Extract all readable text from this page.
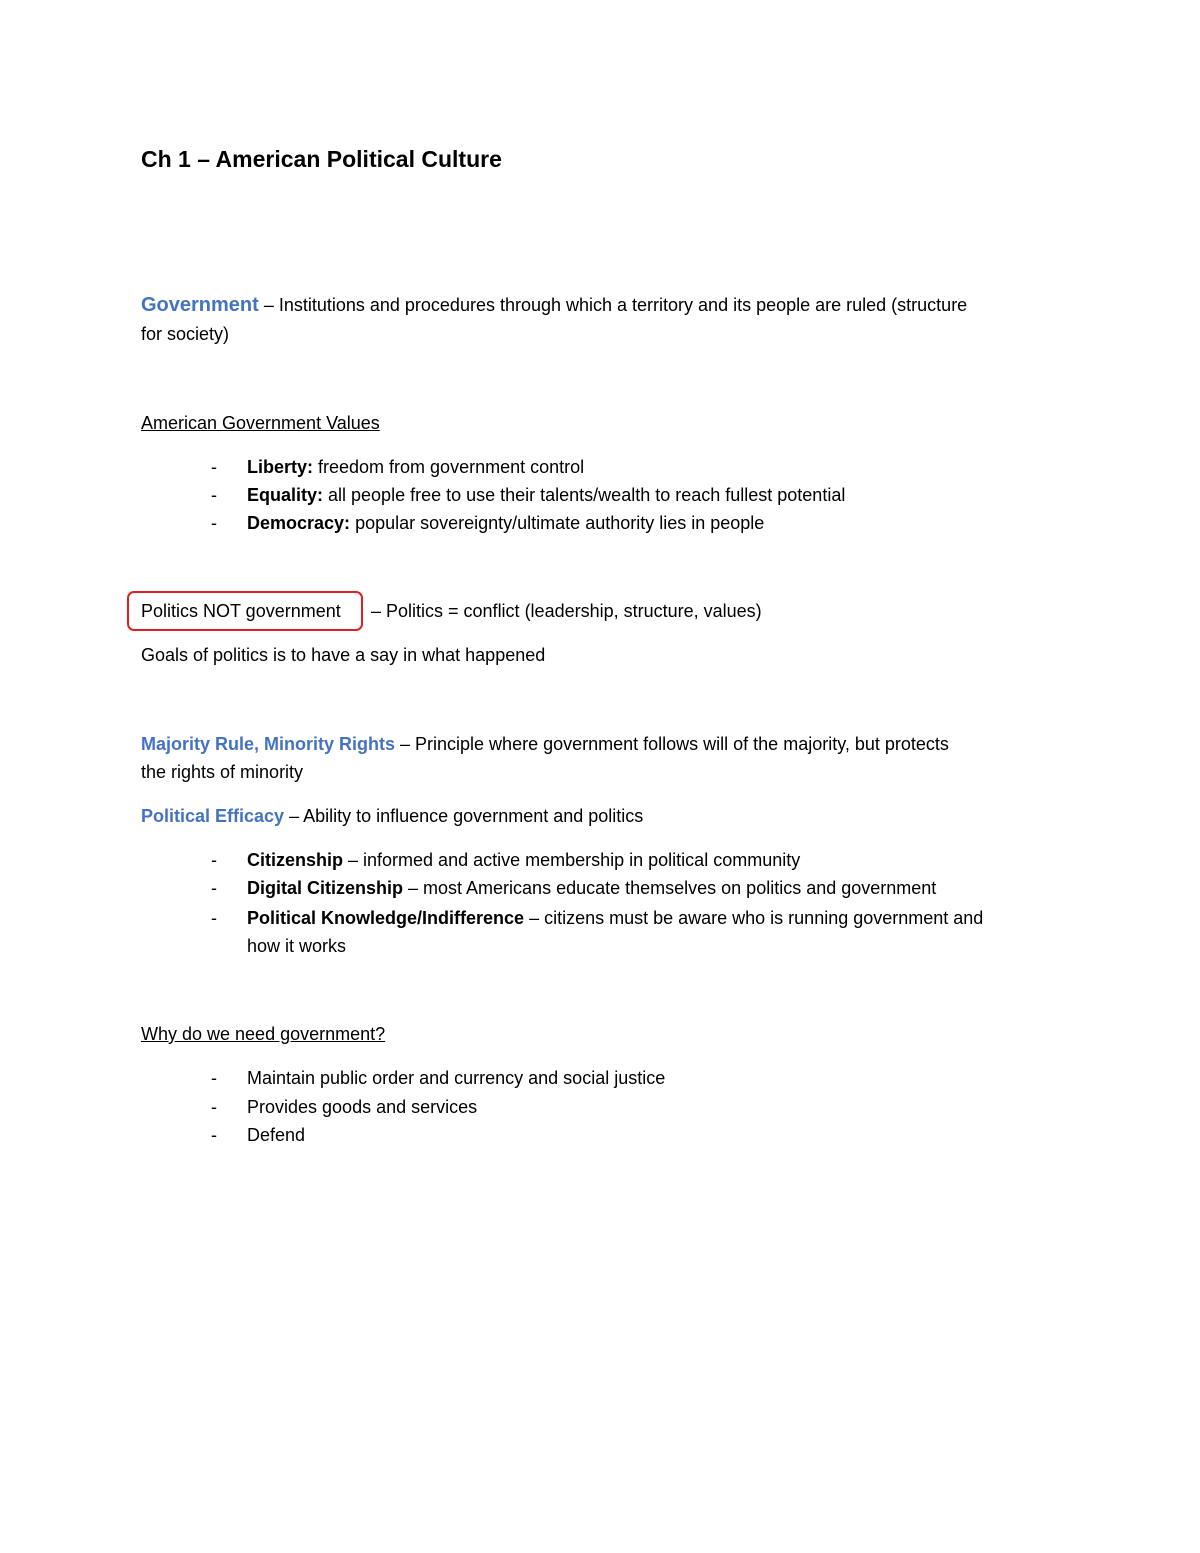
Ch 1 – American Political Culture
Government – Institutions and procedures through which a territory and its people are ruled (structure
for society)
American Government Values
- Liberty: freedom from government control
- Equality: all people free to use their talents/wealth to reach fullest potential
- Democracy: popular sovereignty/ultimate authority lies in people
Politics NOT government – Politics = conflict (leadership, structure, values)
Goals of politics is to have a say in what happened
Majority Rule, Minority Rights – Principle where government follows will of the majority, but protects
the rights of minority
Political Efficacy – Ability to influence government and politics
- Citizenship – informed and active membership in political community
- Digital Citizenship – most Americans educate themselves on politics and government
- Political Knowledge/Indifference – citizens must be aware who is running government and
how it works
Why do we need government?
- Maintain public order and currency and social justice
- Provides goods and services
- Defend
